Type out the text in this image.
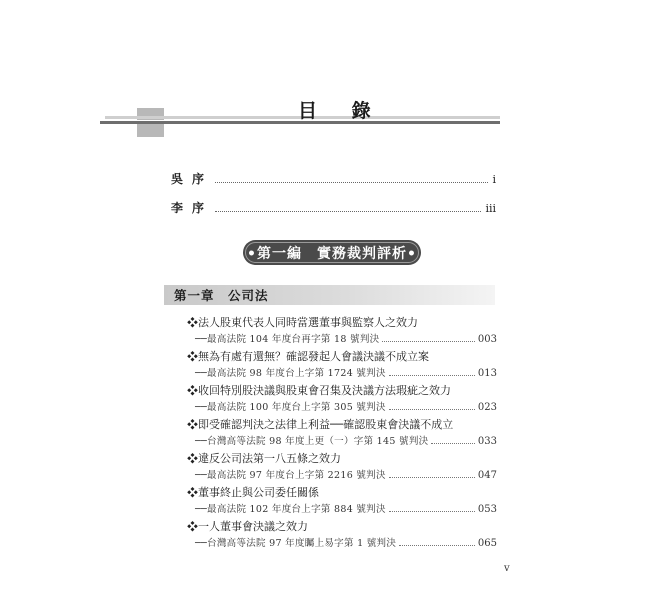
目 錄
吳序	i
李序	iii
•第一編　實務裁判評析•
第一章　公司法
❖法人股東代表人同時當選董事與監察人之效力
──最高法院 104 年度台再字第 18 號判決	003
❖無為有處有還無？確認發起人會議決議不成立案
──最高法院 98 年度台上字第 1724 號判決	013
❖收回特別股決議與股東會召集及決議方法瑕疵之效力
──最高法院 100 年度台上字第 305 號判決	023
❖即受確認判決之法律上利益──確認股東會決議不成立
──台灣高等法院 98 年度上更（一）字第 145 號判決	033
❖違反公司法第一八五條之效力
──最高法院 97 年度台上字第 2216 號判決	047
❖董事終止與公司委任關係
──最高法院 102 年度台上字第 884 號判決	053
❖一人董事會決議之效力
──台灣高等法院 97 年度矚上易字第 1 號判決	065
v
